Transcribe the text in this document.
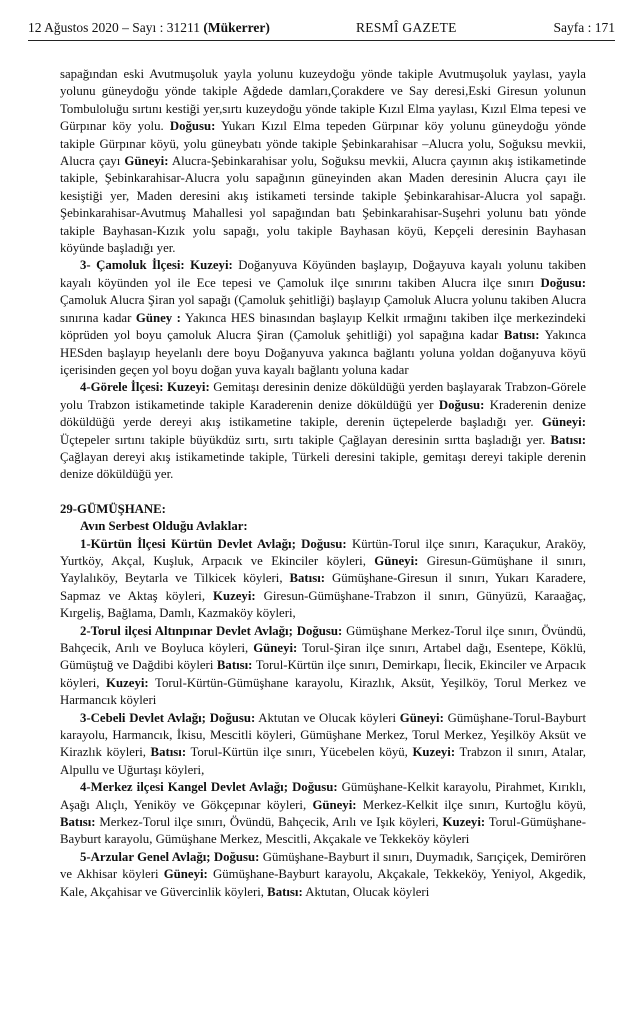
12 Ağustos 2020 – Sayı : 31211 (Mükerrer)	RESMÎ GAZETE	Sayfa : 171

sapağından eski Avutmuşoluk yayla yolunu kuzeydoğu yönde takiple Avutmuşoluk yaylası, yayla yolunu güneydoğu yönde takiple Ağdede damları,Çorakdere ve Say deresi,Eski Giresun yolunun Tombuloluğu sırtını kestiği yer,sırtı kuzeydoğu yönde takiple Kızıl Elma yaylası, Kızıl Elma tepesi ve Gürpınar köy yolu. Doğusu: Yukarı Kızıl Elma tepeden Gürpınar köy yolunu güneydoğu yönde takiple Gürpınar köyü, yolu güneybatı yönde takiple Şebinkarahisar –Alucra yolu, Soğuksu mevkii, Alucra çayı Güneyi: Alucra-Şebinkarahisar yolu, Soğuksu mevkii, Alucra çayının akış istikametinde takiple, Şebinkarahisar-Alucra yolu sapağının güneyinden akan Maden deresinin Alucra çayı ile kesiştiği yer, Maden deresini akış istikameti tersinde takiple Şebinkarahisar-Alucra yol sapağı. Şebinkarahisar-Avutmuş Mahallesi yol sapağından batı Şebinkarahisar-Suşehri yolunu batı yönde takiple Bayhasan-Kızık yolu sapağı, yolu takiple Bayhasan köyü, Kepçeli deresinin Bayhasan köyünde başladığı yer.

3- Çamoluk İlçesi: Kuzeyi: Doğanyuva Köyünden başlayıp, Doğayuva kayalı yolunu takiben kayalı köyünden yol ile Ece tepesi ve Çamoluk ilçe sınırını takiben Alucra ilçe sınırı Doğusu: Çamoluk Alucra Şiran yol sapağı (Çamoluk şehitliği) başlayıp Çamoluk Alucra yolunu takiben Alucra sınırına kadar Güney : Yakınca HES binasından başlayıp Kelkit ırmağını takiben ilçe merkezindeki köprüden yol boyu çamoluk Alucra Şiran (Çamoluk şehitliği) yol sapağına kadar Batısı: Yakınca HESden başlayıp heyelanlı dere boyu Doğanyuva yakınca bağlantı yoluna yoldan doğanyuva köyü içerisinden geçen yol boyu doğan yuva kayalı bağlantı yoluna kadar

4-Görele İlçesi: Kuzeyi: Gemitaşı deresinin denize döküldüğü yerden başlayarak Trabzon-Görele yolu Trabzon istikametinde takiple Karaderenin denize döküldüğü yer Doğusu: Kraderenin denize döküldüğü yerde dereyi akış istikametine takiple, derenin üçtepelerde başladığı yer. Güneyi: Üçtepeler sırtını takiple büyükdüz sırtı, sırtı takiple Çağlayan deresinin sırtta başladığı yer. Batısı: Çağlayan dereyi akış istikametinde takiple, Türkeli deresini takiple, gemitaşı dereyi takiple derenin denize döküldüğü yer.

29-GÜMÜŞHANE:

Avın Serbest Olduğu Avlaklar:

1-Kürtün İlçesi Kürtün Devlet Avlağı; Doğusu: Kürtün-Torul ilçe sınırı, Karaçukur, Araköy, Yurtköy, Akçal, Kuşluk, Arpacık ve Ekinciler köyleri, Güneyi: Giresun-Gümüşhane il sınırı, Yaylalıköy, Beytarla ve Tilkicek köyleri, Batısı: Gümüşhane-Giresun il sınırı, Yukarı Karadere, Sapmaz ve Aktaş köyleri, Kuzeyi: Giresun-Gümüşhane-Trabzon il sınırı, Günyüzü, Karaağaç, Kırgeliş, Bağlama, Damlı, Kazmaköy köyleri,

2-Torul ilçesi Altınpınar Devlet Avlağı; Doğusu: Gümüşhane Merkez-Torul ilçe sınırı, Övündü, Bahçecik, Arılı ve Boyluca köyleri, Güneyi: Torul-Şiran ilçe sınırı, Artabel dağı, Esentepe, Köklü, Gümüştuğ ve Dağdibi köyleri Batısı: Torul-Kürtün ilçe sınırı, Demirkapı, İlecik, Ekinciler ve Arpacık köyleri, Kuzeyi: Torul-Kürtün-Gümüşhane karayolu, Kirazlık, Aksüt, Yeşilköy, Torul Merkez ve Harmancık köyleri

3-Cebeli Devlet Avlağı; Doğusu: Aktutan ve Olucak köyleri Güneyi: Gümüşhane-Torul-Bayburt karayolu, Harmancık, İkisu, Mescitli köyleri, Gümüşhane Merkez, Torul Merkez, Yeşilköy Aksüt ve Kirazlık köyleri, Batısı: Torul-Kürtün ilçe sınırı, Yücebelen köyü, Kuzeyi: Trabzon il sınırı, Atalar, Alpullu ve Uğurtaşı köyleri,

4-Merkez ilçesi Kangel Devlet Avlağı; Doğusu: Gümüşhane-Kelkit karayolu, Pirahmet, Kırıklı, Aşağı Alıçlı, Yeniköy ve Gökçepınar köyleri, Güneyi: Merkez-Kelkit ilçe sınırı, Kurtoğlu köyü, Batısı: Merkez-Torul ilçe sınırı, Övündü, Bahçecik, Arılı ve Işık köyleri, Kuzeyi: Torul-Gümüşhane-Bayburt karayolu, Gümüşhane Merkez, Mescitli, Akçakale ve Tekkeköy köyleri

5-Arzular Genel Avlağı; Doğusu: Gümüşhane-Bayburt il sınırı, Duymadık, Sarıçiçek, Demirören ve Akhisar köyleri Güneyi: Gümüşhane-Bayburt karayolu, Akçakale, Tekkeköy, Yeniyol, Akgedik, Kale, Akçahisar ve Güvercinlik köyleri, Batısı: Aktutan, Olucak köyleri
